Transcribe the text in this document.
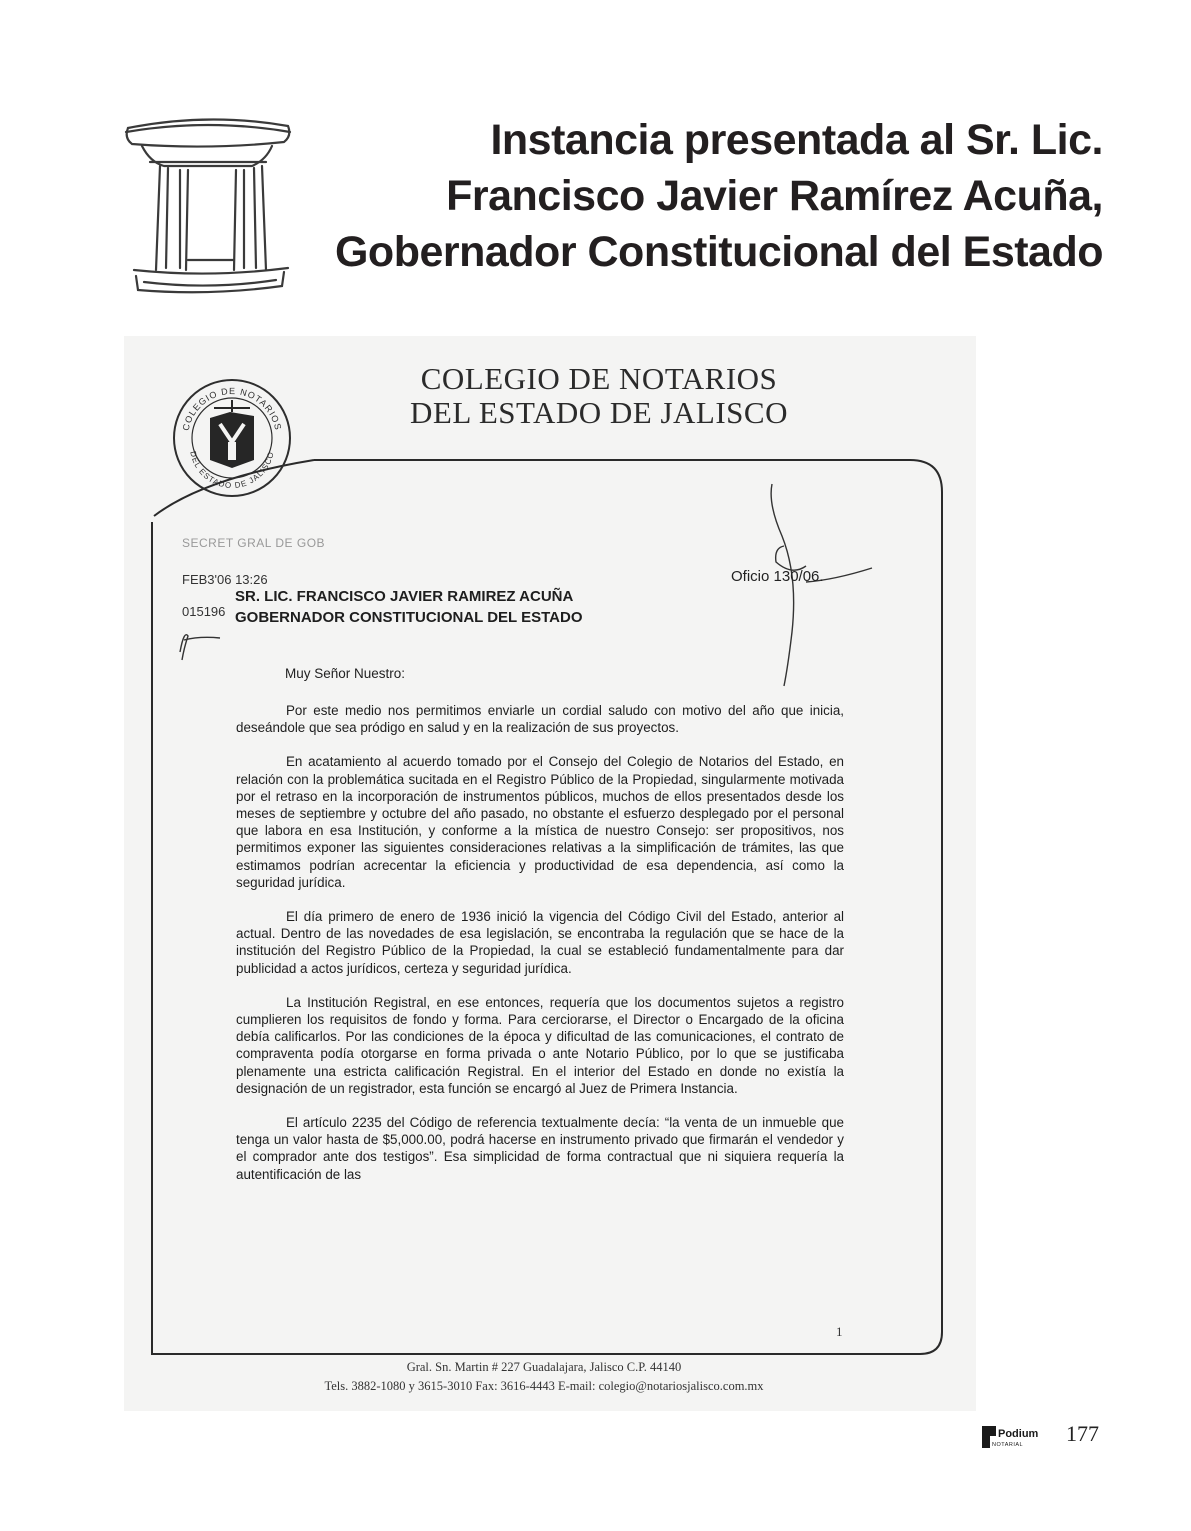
Instancia presentada al Sr. Lic.
Francisco Javier Ramírez Acuña,
Gobernador Constitucional del Estado
COLEGIO DE NOTARIOS
DEL ESTADO DE JALISCO
COLEGIO DE NOTARIOS
DEL ESTADO DE JALISCO
SECRET GRAL DE GOB
FEB3'06 13:26
015196
Oficio 130/06.
SR. LIC. FRANCISCO JAVIER RAMIREZ ACUÑA
GOBERNADOR CONSTITUCIONAL DEL ESTADO
Muy Señor Nuestro:

Por este medio nos permitimos enviarle un cordial saludo con motivo del año que inicia, deseándole que sea pródigo en salud y en la realización de sus proyectos.

En acatamiento al acuerdo tomado por el Consejo del Colegio de Notarios del Estado, en relación con la problemática sucitada en el Registro Público de la Propiedad, singularmente motivada por el retraso en la incorporación de instrumentos públicos, muchos de ellos presentados desde los meses de septiembre y octubre del año pasado, no obstante el esfuerzo desplegado por el personal que labora en esa Institución, y conforme a la mística de nuestro Consejo: ser propositivos, nos permitimos exponer las siguientes consideraciones relativas a la simplificación de trámites, las que estimamos podrían acrecentar la eficiencia y productividad de esa dependencia, así como la seguridad jurídica.

El día primero de enero de 1936 inició la vigencia del Código Civil del Estado, anterior al actual. Dentro de las novedades de esa legislación, se encontraba la regulación que se hace de la institución del Registro Público de la Propiedad, la cual se estableció fundamentalmente para dar publicidad a actos jurídicos, certeza y seguridad jurídica.

La Institución Registral, en ese entonces, requería que los documentos sujetos a registro cumplieren los requisitos de fondo y forma. Para cerciorarse, el Director o Encargado de la oficina debía calificarlos. Por las condiciones de la época y dificultad de las comunicaciones, el contrato de compraventa podía otorgarse en forma privada o ante Notario Público, por lo que se justificaba plenamente una estricta calificación Registral. En el interior del Estado en donde no existía la designación de un registrador, esta función se encargó al Juez de Primera Instancia.

El artículo 2235 del Código de referencia textualmente decía: “la venta de un inmueble que tenga un valor hasta de $5,000.00, podrá hacerse en instrumento privado que firmarán el vendedor y el comprador ante dos testigos”. Esa simplicidad de forma contractual que ni siquiera requería la autentificación de las

1
Gral. Sn. Martin # 227 Guadalajara, Jalisco C.P. 44140
Tels. 3882-1080 y 3615-3010 Fax: 3616-4443 E-mail: colegio@notariosjalisco.com.mx
Podium
NOTARIAL 177
